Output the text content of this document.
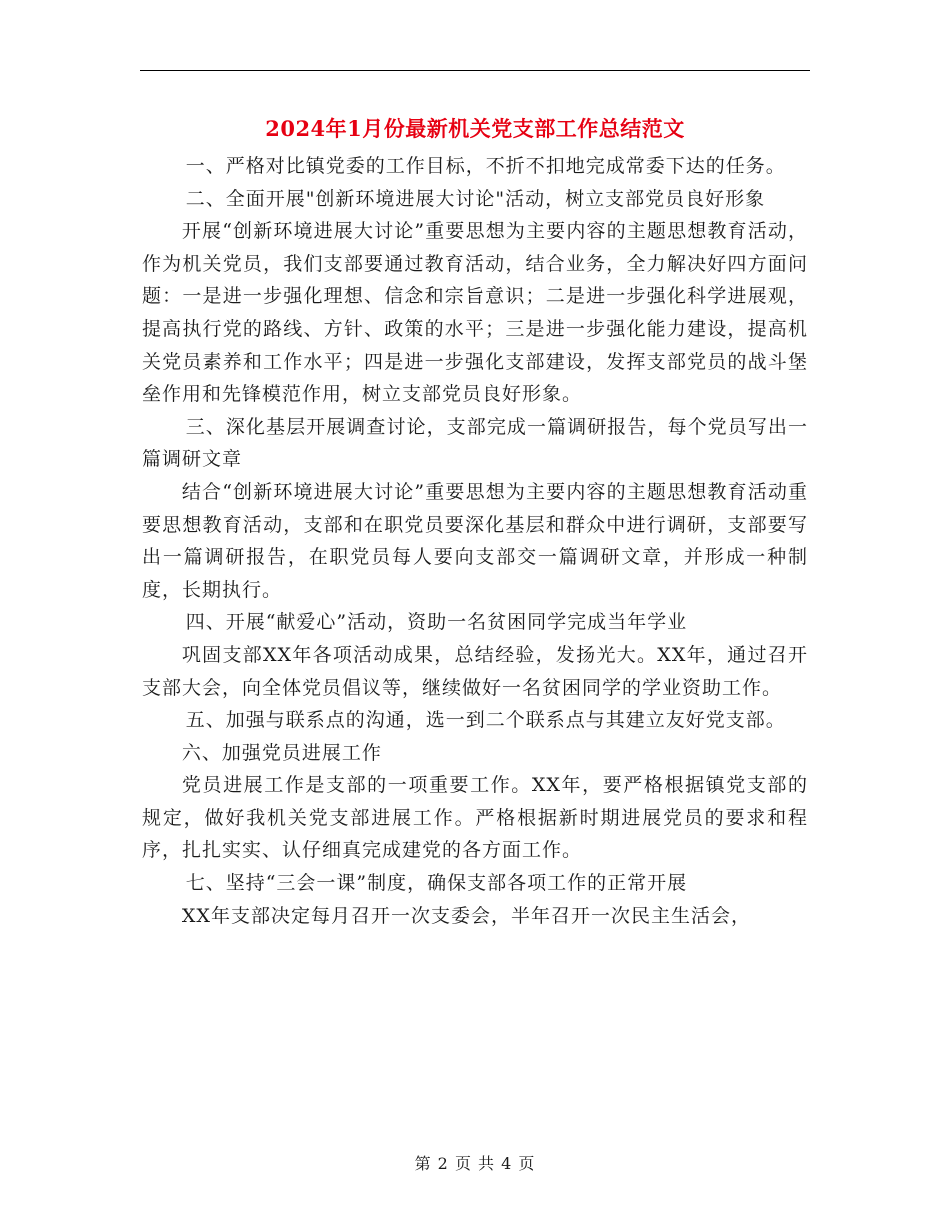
2024年1月份最新机关党支部工作总结范文

一、严格对比镇党委的工作目标，不折不扣地完成常委下达的任务。

二、全面开展"创新环境进展大讨论"活动，树立支部党员良好形象

开展“创新环境进展大讨论”重要思想为主要内容的主题思想教育活动，作为机关党员，我们支部要通过教育活动，结合业务，全力解决好四方面问题：一是进一步强化理想、信念和宗旨意识；二是进一步强化科学进展观，提高执行党的路线、方针、政策的水平；三是进一步强化能力建设，提高机关党员素养和工作水平；四是进一步强化支部建设，发挥支部党员的战斗堡垒作用和先锋模范作用，树立支部党员良好形象。

三、深化基层开展调查讨论，支部完成一篇调研报告，每个党员写出一篇调研文章

结合“创新环境进展大讨论”重要思想为主要内容的主题思想教育活动重要思想教育活动，支部和在职党员要深化基层和群众中进行调研，支部要写出一篇调研报告，在职党员每人要向支部交一篇调研文章，并形成一种制度，长期执行。

四、开展“献爱心”活动，资助一名贫困同学完成当年学业

巩固支部XX年各项活动成果，总结经验，发扬光大。XX年，通过召开支部大会，向全体党员倡议等，继续做好一名贫困同学的学业资助工作。

五、加强与联系点的沟通，选一到二个联系点与其建立友好党支部。

六、加强党员进展工作

党员进展工作是支部的一项重要工作。XX年，要严格根据镇党支部的规定，做好我机关党支部进展工作。严格根据新时期进展党员的要求和程序，扎扎实实、认仔细真完成建党的各方面工作。

七、坚持“三会一课”制度，确保支部各项工作的正常开展

XX年支部决定每月召开一次支委会，半年召开一次民主生活会，

第 2 页 共 4 页
